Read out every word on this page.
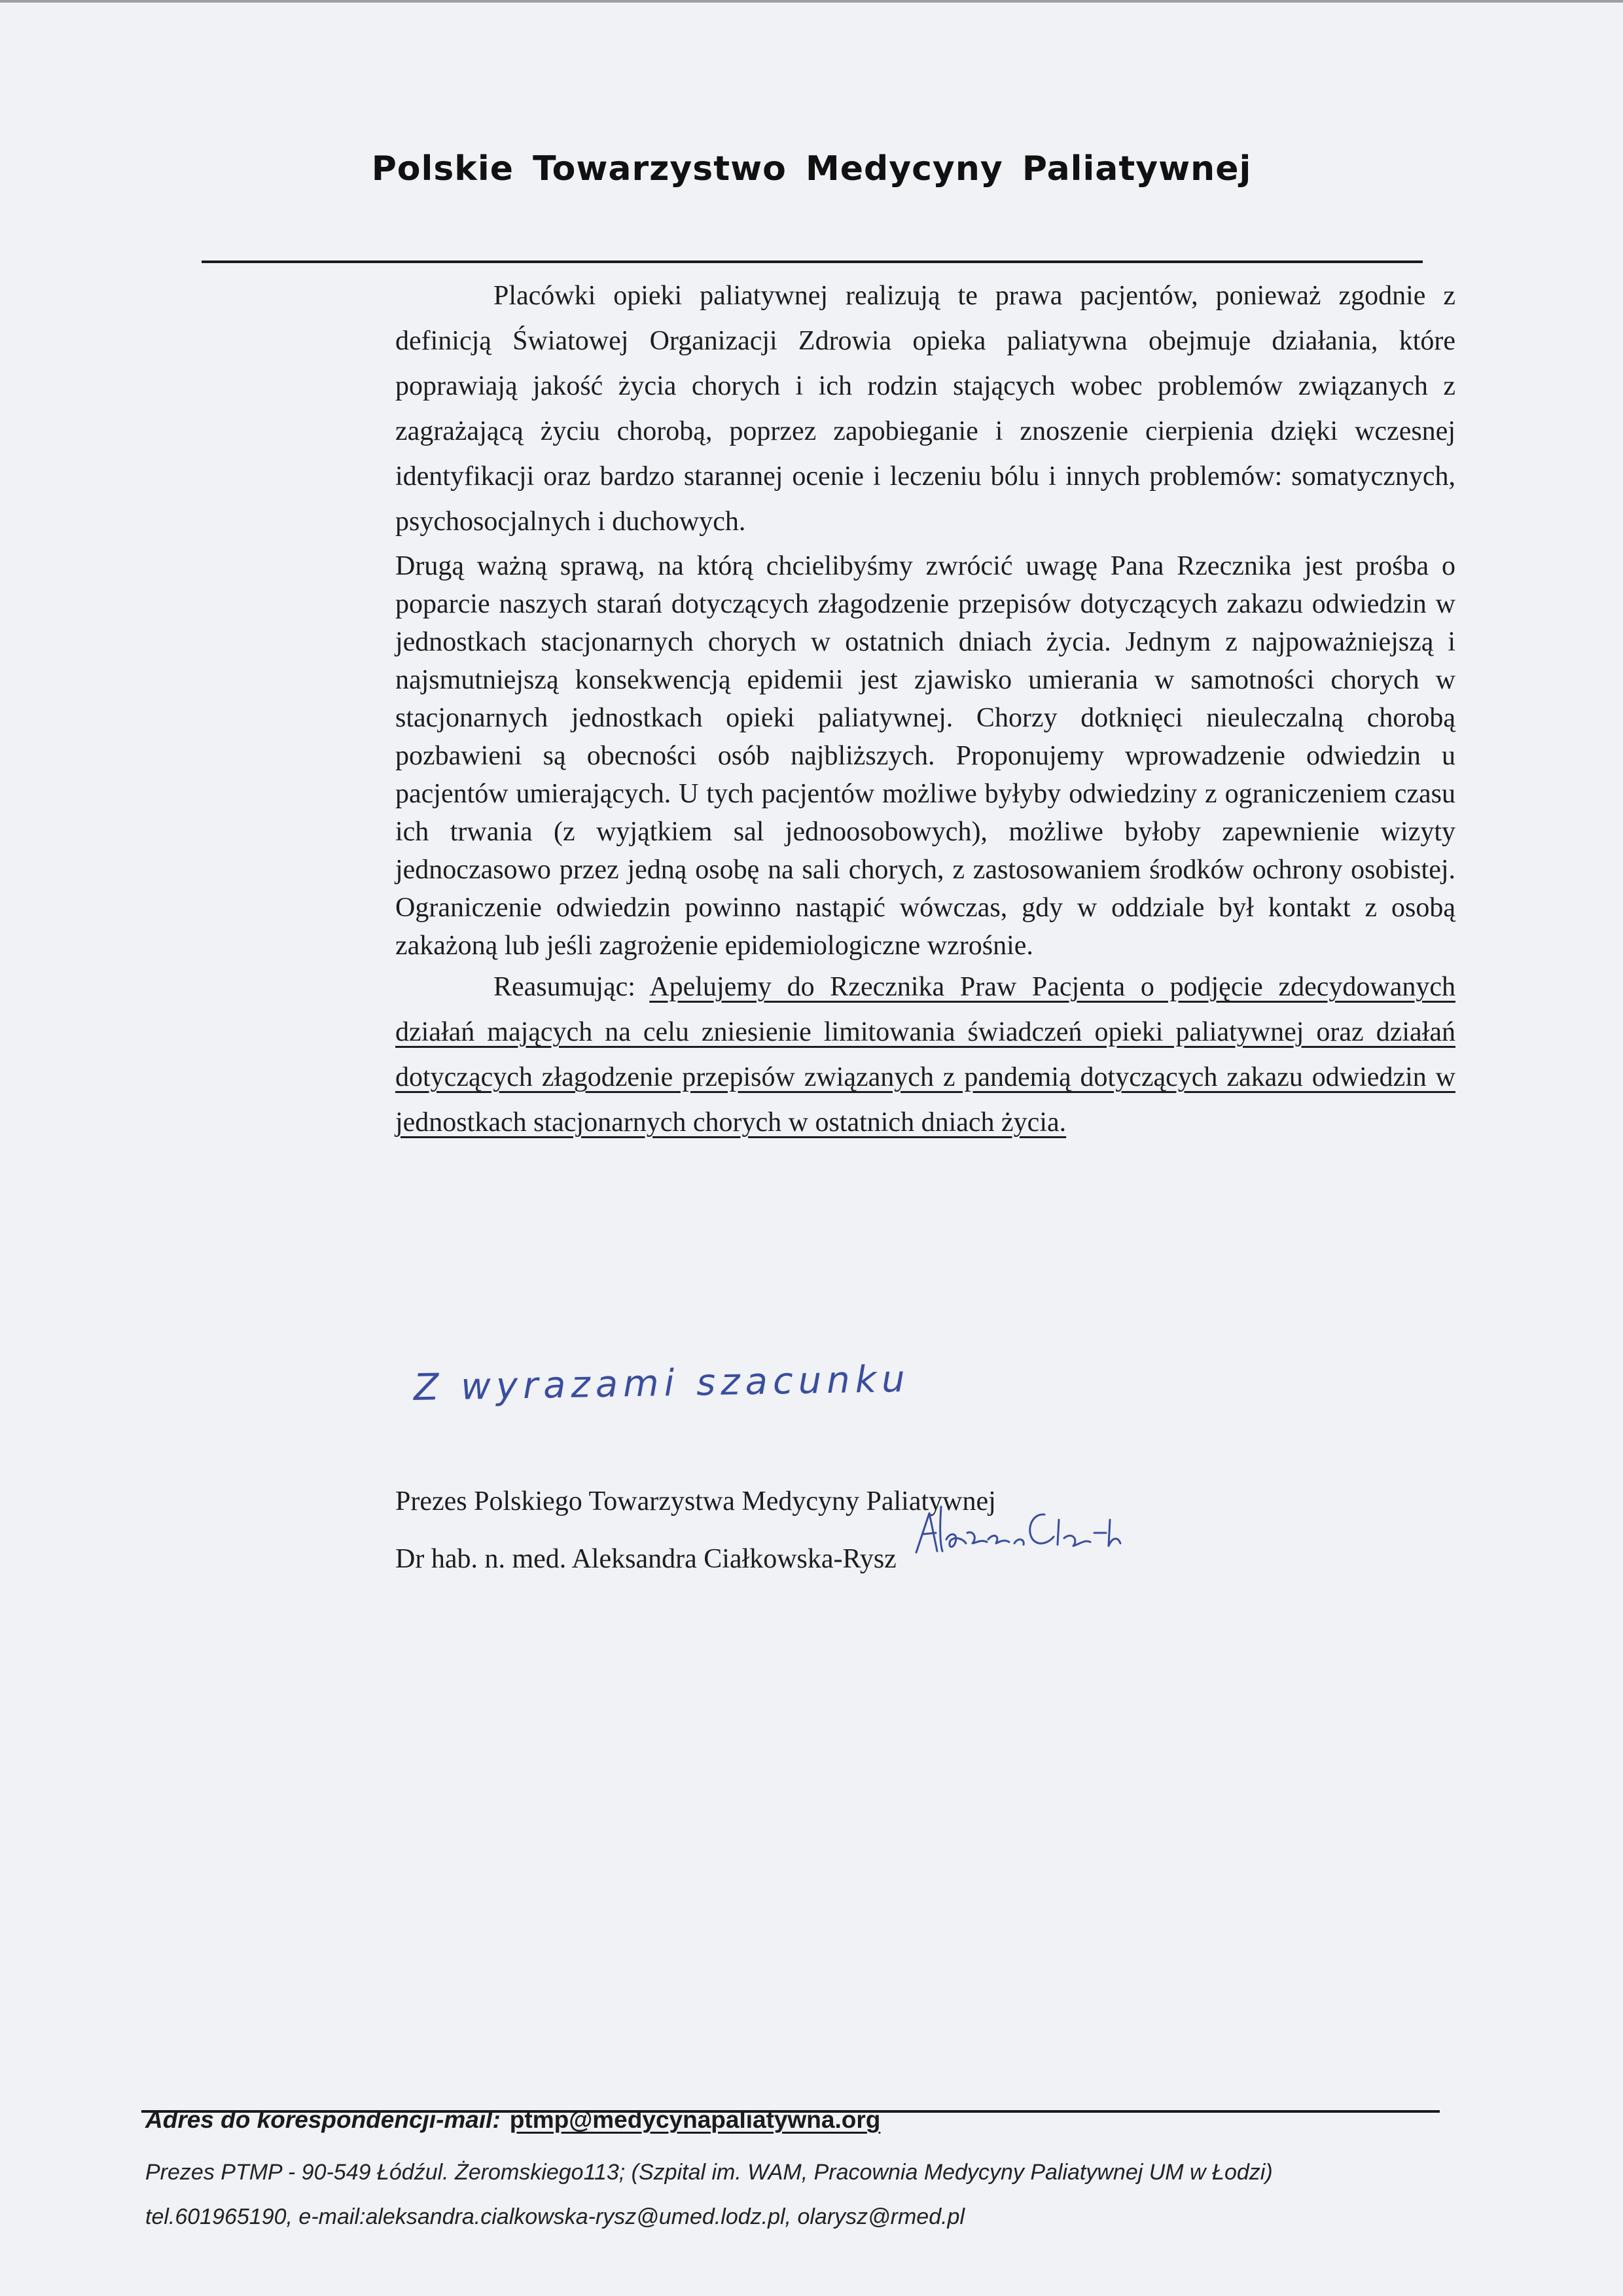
Polskie Towarzystwo Medycyny Paliatywnej

Placówki opieki paliatywnej realizują te prawa pacjentów, ponieważ zgodnie z definicją Światowej Organizacji Zdrowia opieka paliatywna obejmuje działania, które poprawiają jakość życia chorych i ich rodzin stających wobec problemów związanych z zagrażającą życiu chorobą, poprzez zapobieganie i znoszenie cierpienia dzięki wczesnej identyfikacji oraz bardzo starannej ocenie i leczeniu bólu i innych problemów: somatycznych, psychosocjalnych i duchowych.

Drugą ważną sprawą, na którą chcielibyśmy zwrócić uwagę Pana Rzecznika jest prośba o poparcie naszych starań dotyczących złagodzenie przepisów dotyczących zakazu odwiedzin w jednostkach stacjonarnych chorych w ostatnich dniach życia. Jednym z najpoważniejszą i najsmutniejszą konsekwencją epidemii jest zjawisko umierania w samotności chorych w stacjonarnych jednostkach opieki paliatywnej. Chorzy dotknięci nieuleczalną chorobą pozbawieni są obecności osób najbliższych. Proponujemy wprowadzenie odwiedzin u pacjentów umierających. U tych pacjentów możliwe byłyby odwiedziny z ograniczeniem czasu ich trwania (z wyjątkiem sal jednoosobowych), możliwe byłoby zapewnienie wizyty jednoczasowo przez jedną osobę na sali chorych, z zastosowaniem środków ochrony osobistej. Ograniczenie odwiedzin powinno nastąpić wówczas, gdy w oddziale był kontakt z osobą zakażoną lub jeśli zagrożenie epidemiologiczne wzrośnie.

Reasumując: Apelujemy do Rzecznika Praw Pacjenta o podjęcie zdecydowanych działań mających na celu zniesienie limitowania świadczeń opieki paliatywnej oraz działań dotyczących złagodzenie przepisów związanych z pandemią dotyczących zakazu odwiedzin w jednostkach stacjonarnych chorych w ostatnich dniach życia.

Z wyrazami szacunku
Prezes Polskiego Towarzystwa Medycyny Paliatywnej
Dr hab. n. med. Aleksandra Ciałkowska-Rysz
Adres do korespondencji-mail: ptmp@medycynapaliatywna.org
Prezes PTMP - 90-549 Łódźul. Żeromskiego113; (Szpital im. WAM, Pracownia Medycyny Paliatywnej UM w Łodzi)
tel.601965190, e-mail:aleksandra.cialkowska-rysz@umed.lodz.pl, olarysz@rmed.pl
